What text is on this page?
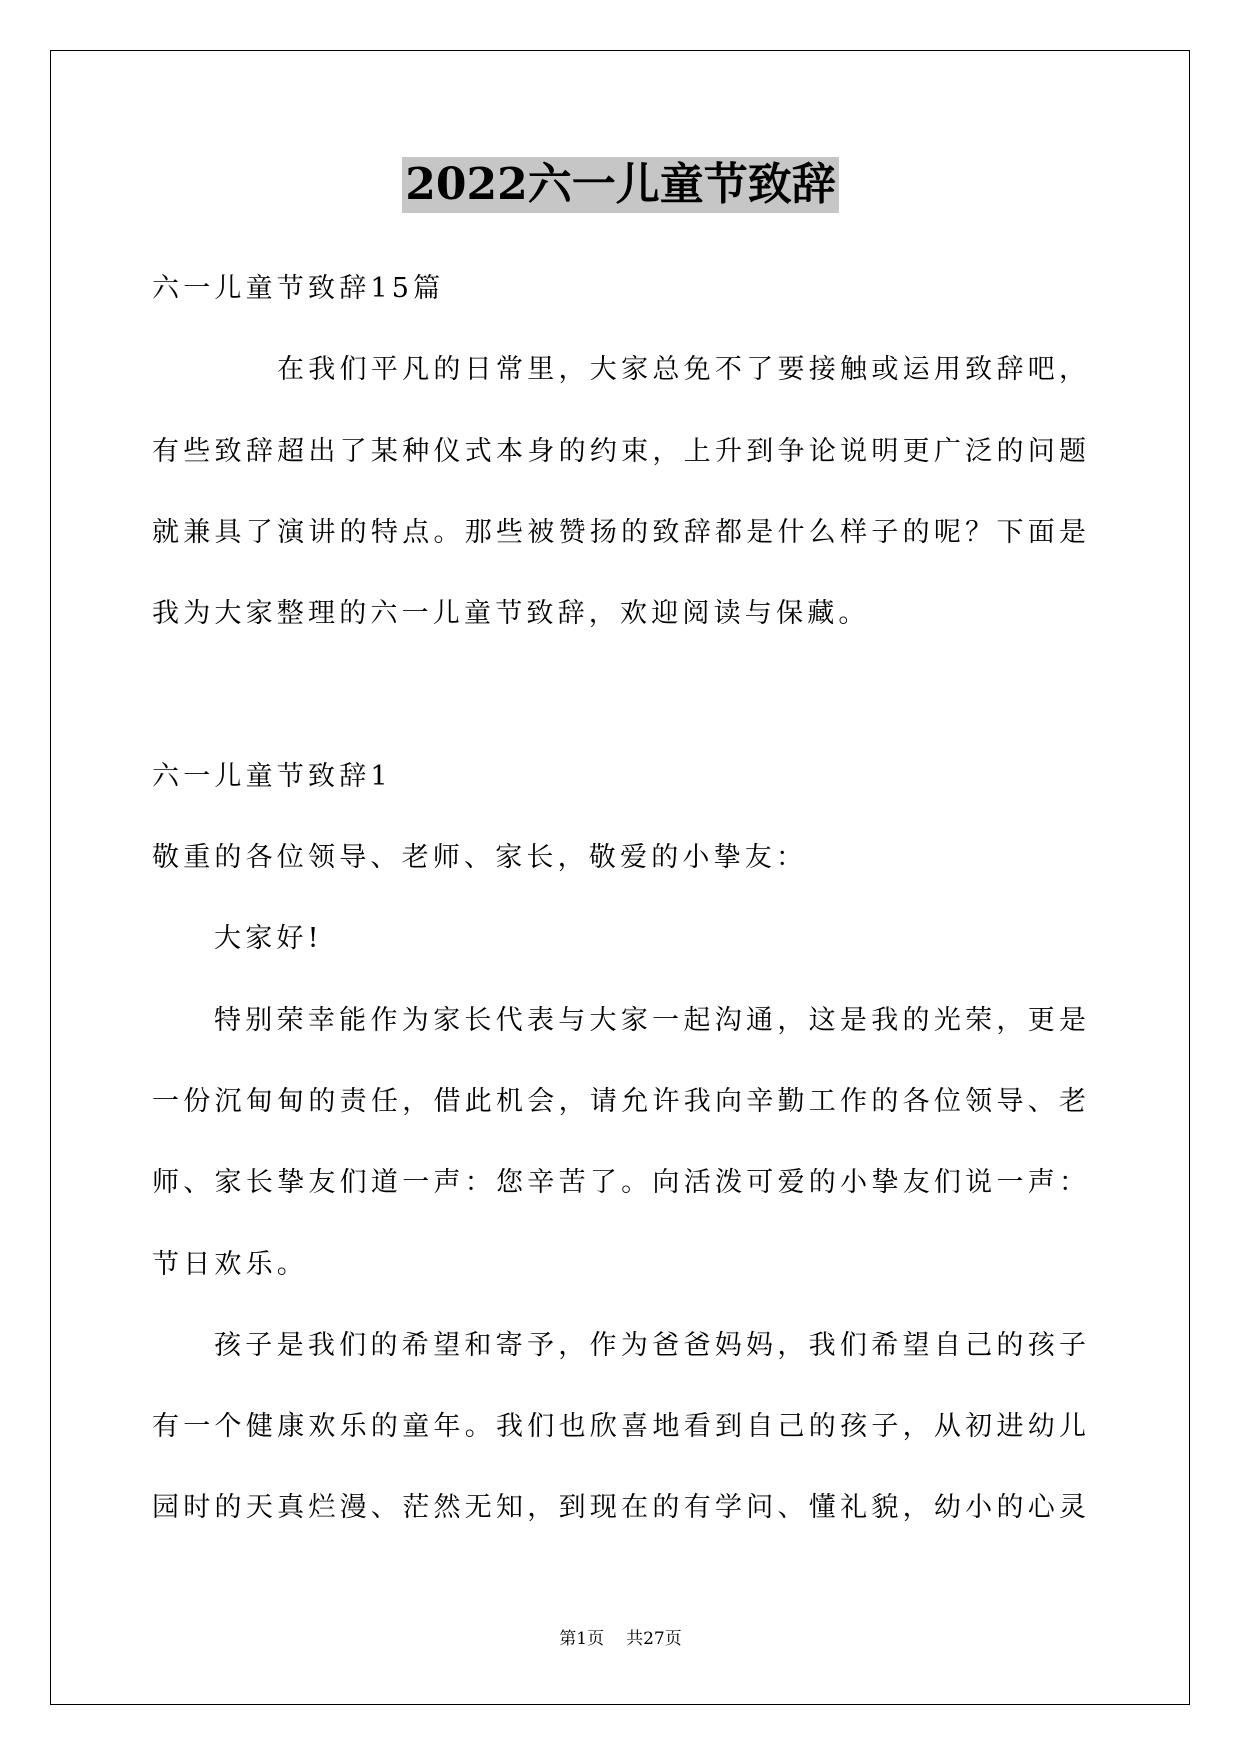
2022六一儿童节致辞
六一儿童节致辞15篇
在我们平凡的日常里，大家总免不了要接触或运用致辞吧，
有些致辞超出了某种仪式本身的约束，上升到争论说明更广泛的问题
就兼具了演讲的特点。那些被赞扬的致辞都是什么样子的呢？下面是
我为大家整理的六一儿童节致辞，欢迎阅读与保藏。
六一儿童节致辞1
敬重的各位领导、老师、家长，敬爱的小挚友：
大家好!
特别荣幸能作为家长代表与大家一起沟通，这是我的光荣，更是
一份沉甸甸的责任，借此机会，请允许我向辛勤工作的各位领导、老
师、家长挚友们道一声：您辛苦了。向活泼可爱的小挚友们说一声：
节日欢乐。
孩子是我们的希望和寄予，作为爸爸妈妈，我们希望自己的孩子
有一个健康欢乐的童年。我们也欣喜地看到自己的孩子，从初进幼儿
园时的天真烂漫、茫然无知，到现在的有学问、懂礼貌，幼小的心灵
第1页 共27页
